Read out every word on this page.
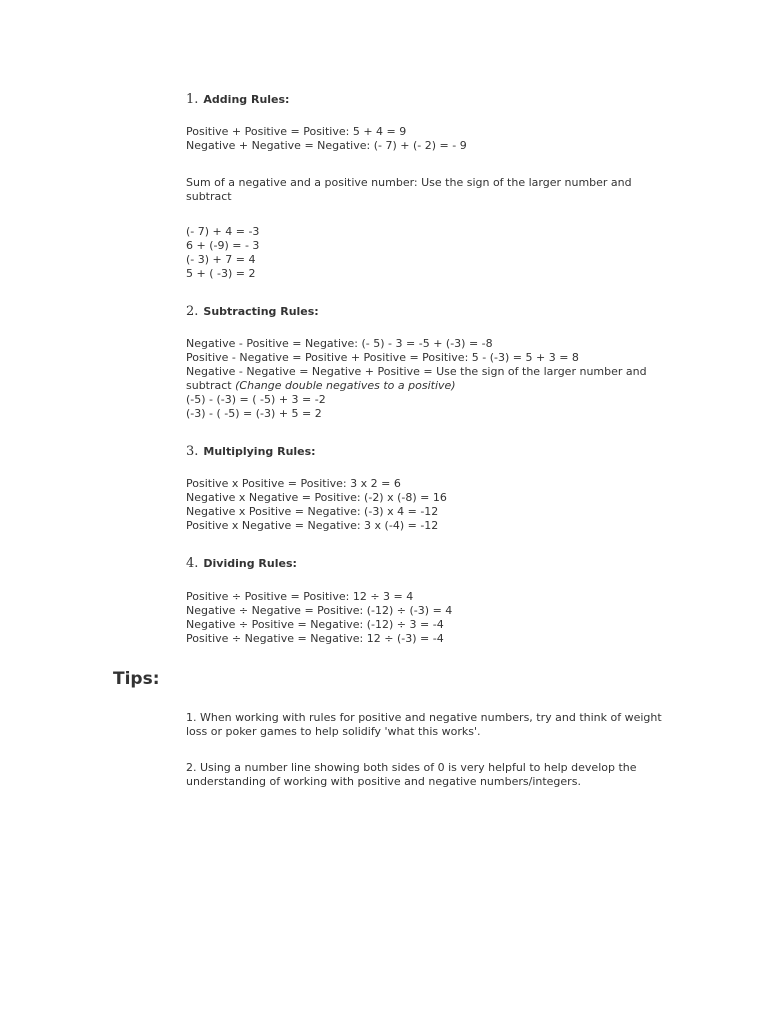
1. Adding Rules:
Positive + Positive = Positive: 5 + 4 = 9
Negative + Negative = Negative: (- 7) + (- 2) = - 9
Sum of a negative and a positive number: Use the sign of the larger number and subtract
(- 7) + 4 = -3
6 + (-9) = - 3
(- 3) + 7 = 4
5 + ( -3) = 2
2. Subtracting Rules:
Negative - Positive = Negative: (- 5) - 3 = -5 + (-3) = -8
Positive - Negative = Positive + Positive = Positive: 5 - (-3) = 5 + 3 = 8
Negative - Negative = Negative + Positive = Use the sign of the larger number and subtract (Change double negatives to a positive)
(-5) - (-3) = ( -5) + 3 = -2
(-3) - ( -5) = (-3) + 5 = 2
3. Multiplying Rules:
Positive x Positive = Positive: 3 x 2 = 6
Negative x Negative = Positive: (-2) x (-8) = 16
Negative x Positive = Negative: (-3) x 4 = -12
Positive x Negative = Negative: 3 x (-4) = -12
4. Dividing Rules:
Positive ÷ Positive = Positive: 12 ÷ 3 = 4
Negative ÷ Negative = Positive: (-12) ÷ (-3) = 4
Negative ÷ Positive = Negative: (-12) ÷ 3 = -4
Positive ÷ Negative = Negative: 12 ÷ (-3) = -4
Tips:
1. When working with rules for positive and negative numbers, try and think of weight loss or poker games to help solidify 'what this works'.
2. Using a number line showing both sides of 0 is very helpful to help develop the understanding of working with positive and negative numbers/integers.
